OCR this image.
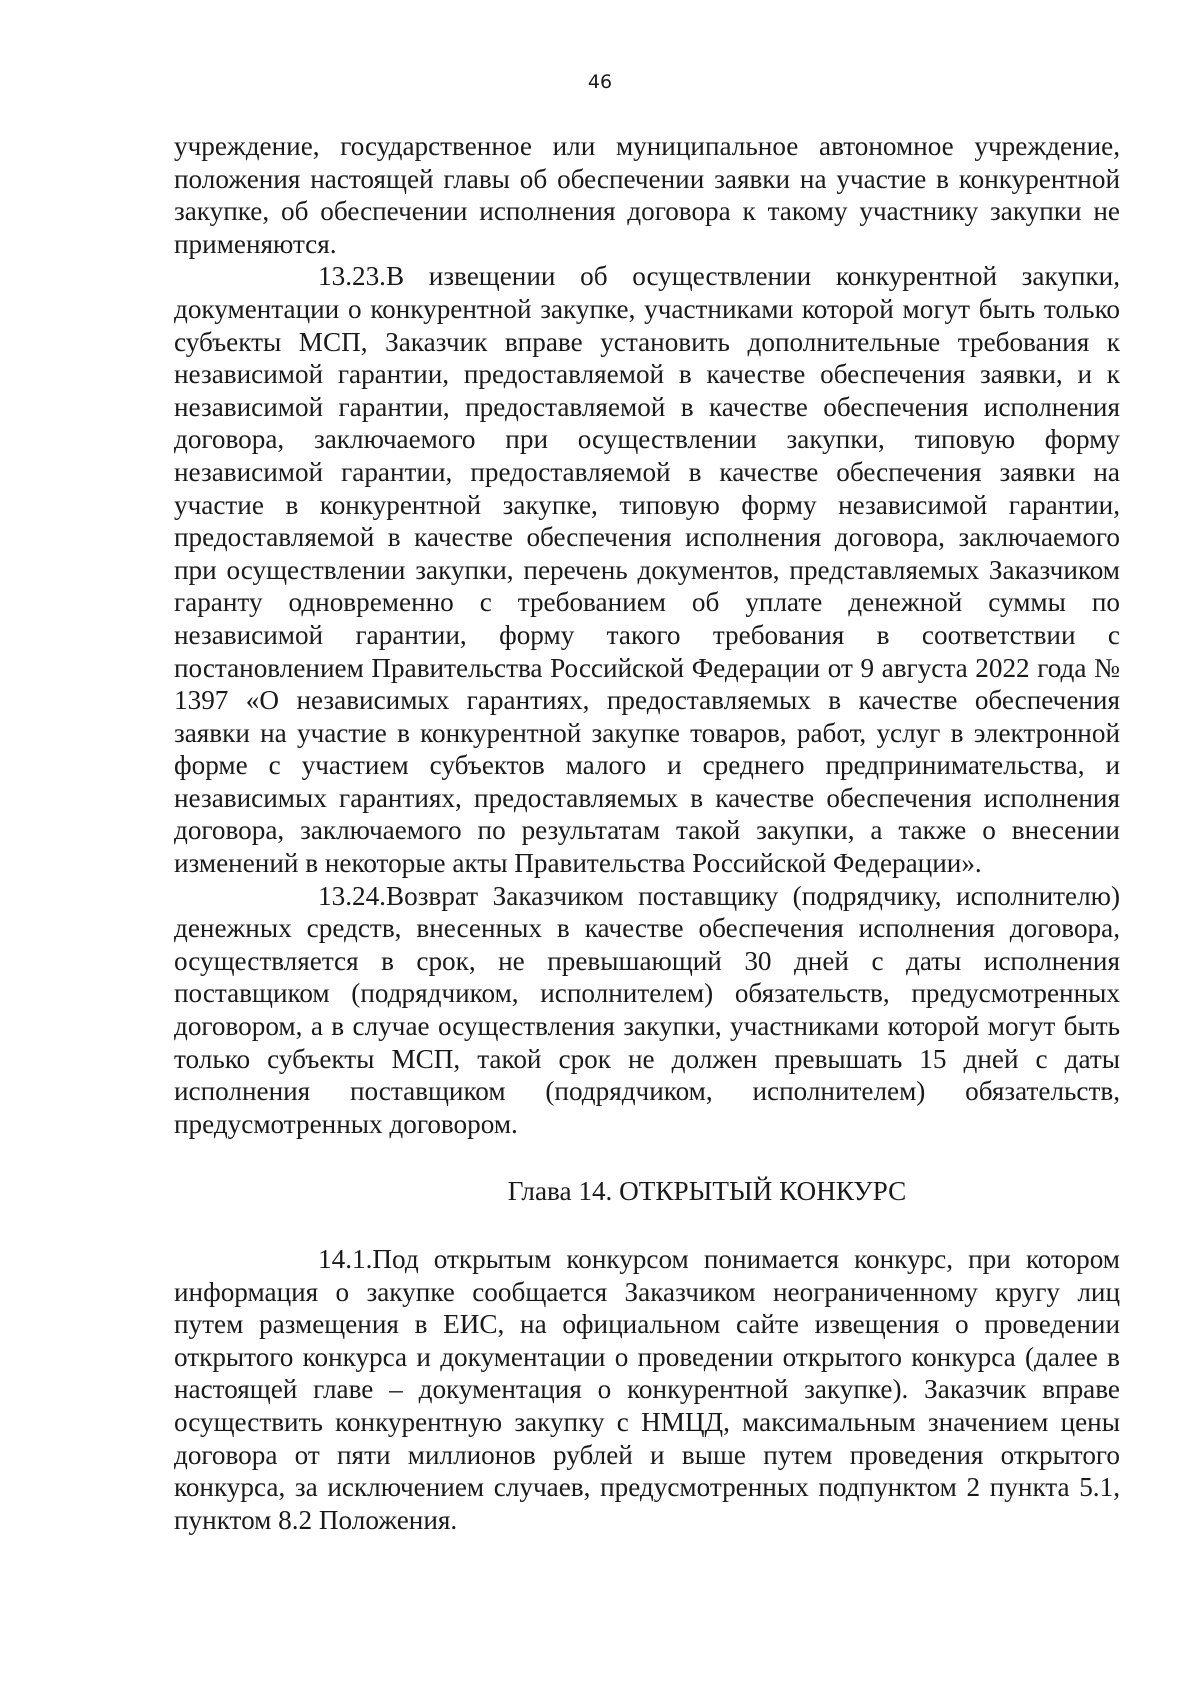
46

учреждение, государственное или муниципальное автономное учреждение, положения настоящей главы об обеспечении заявки на участие в конкурентной закупке, об обеспечении исполнения договора к такому участнику закупки не применяются.

13.23.В извещении об осуществлении конкурентной закупки, документации о конкурентной закупке, участниками которой могут быть только субъекты МСП, Заказчик вправе установить дополнительные требования к независимой гарантии, предоставляемой в качестве обеспечения заявки, и к независимой гарантии, предоставляемой в качестве обеспечения исполнения договора, заключаемого при осуществлении закупки, типовую форму независимой гарантии, предоставляемой в качестве обеспечения заявки на участие в конкурентной закупке, типовую форму независимой гарантии, предоставляемой в качестве обеспечения исполнения договора, заключаемого при осуществлении закупки, перечень документов, представляемых Заказчиком гаранту одновременно с требованием об уплате денежной суммы по независимой гарантии, форму такого требования в соответствии с постановлением Правительства Российской Федерации от 9 августа 2022 года № 1397 «О независимых гарантиях, предоставляемых в качестве обеспечения заявки на участие в конкурентной закупке товаров, работ, услуг в электронной форме с участием субъектов малого и среднего предпринимательства, и независимых гарантиях, предоставляемых в качестве обеспечения исполнения договора, заключаемого по результатам такой закупки, а также о внесении изменений в некоторые акты Правительства Российской Федерации».

13.24.Возврат Заказчиком поставщику (подрядчику, исполнителю) денежных средств, внесенных в качестве обеспечения исполнения договора, осуществляется в срок, не превышающий 30 дней с даты исполнения поставщиком (подрядчиком, исполнителем) обязательств, предусмотренных договором, а в случае осуществления закупки, участниками которой могут быть только субъекты МСП, такой срок не должен превышать 15 дней с даты исполнения поставщиком (подрядчиком, исполнителем) обязательств, предусмотренных договором.

Глава 14. ОТКРЫТЫЙ КОНКУРС

14.1.Под открытым конкурсом понимается конкурс, при котором информация о закупке сообщается Заказчиком неограниченному кругу лиц путем размещения в ЕИС, на официальном сайте извещения о проведении открытого конкурса и документации о проведении открытого конкурса (далее в настоящей главе – документация о конкурентной закупке). Заказчик вправе осуществить конкурентную закупку с НМЦД, максимальным значением цены договора от пяти миллионов рублей и выше путем проведения открытого конкурса, за исключением случаев, предусмотренных подпунктом 2 пункта 5.1, пунктом 8.2 Положения.
